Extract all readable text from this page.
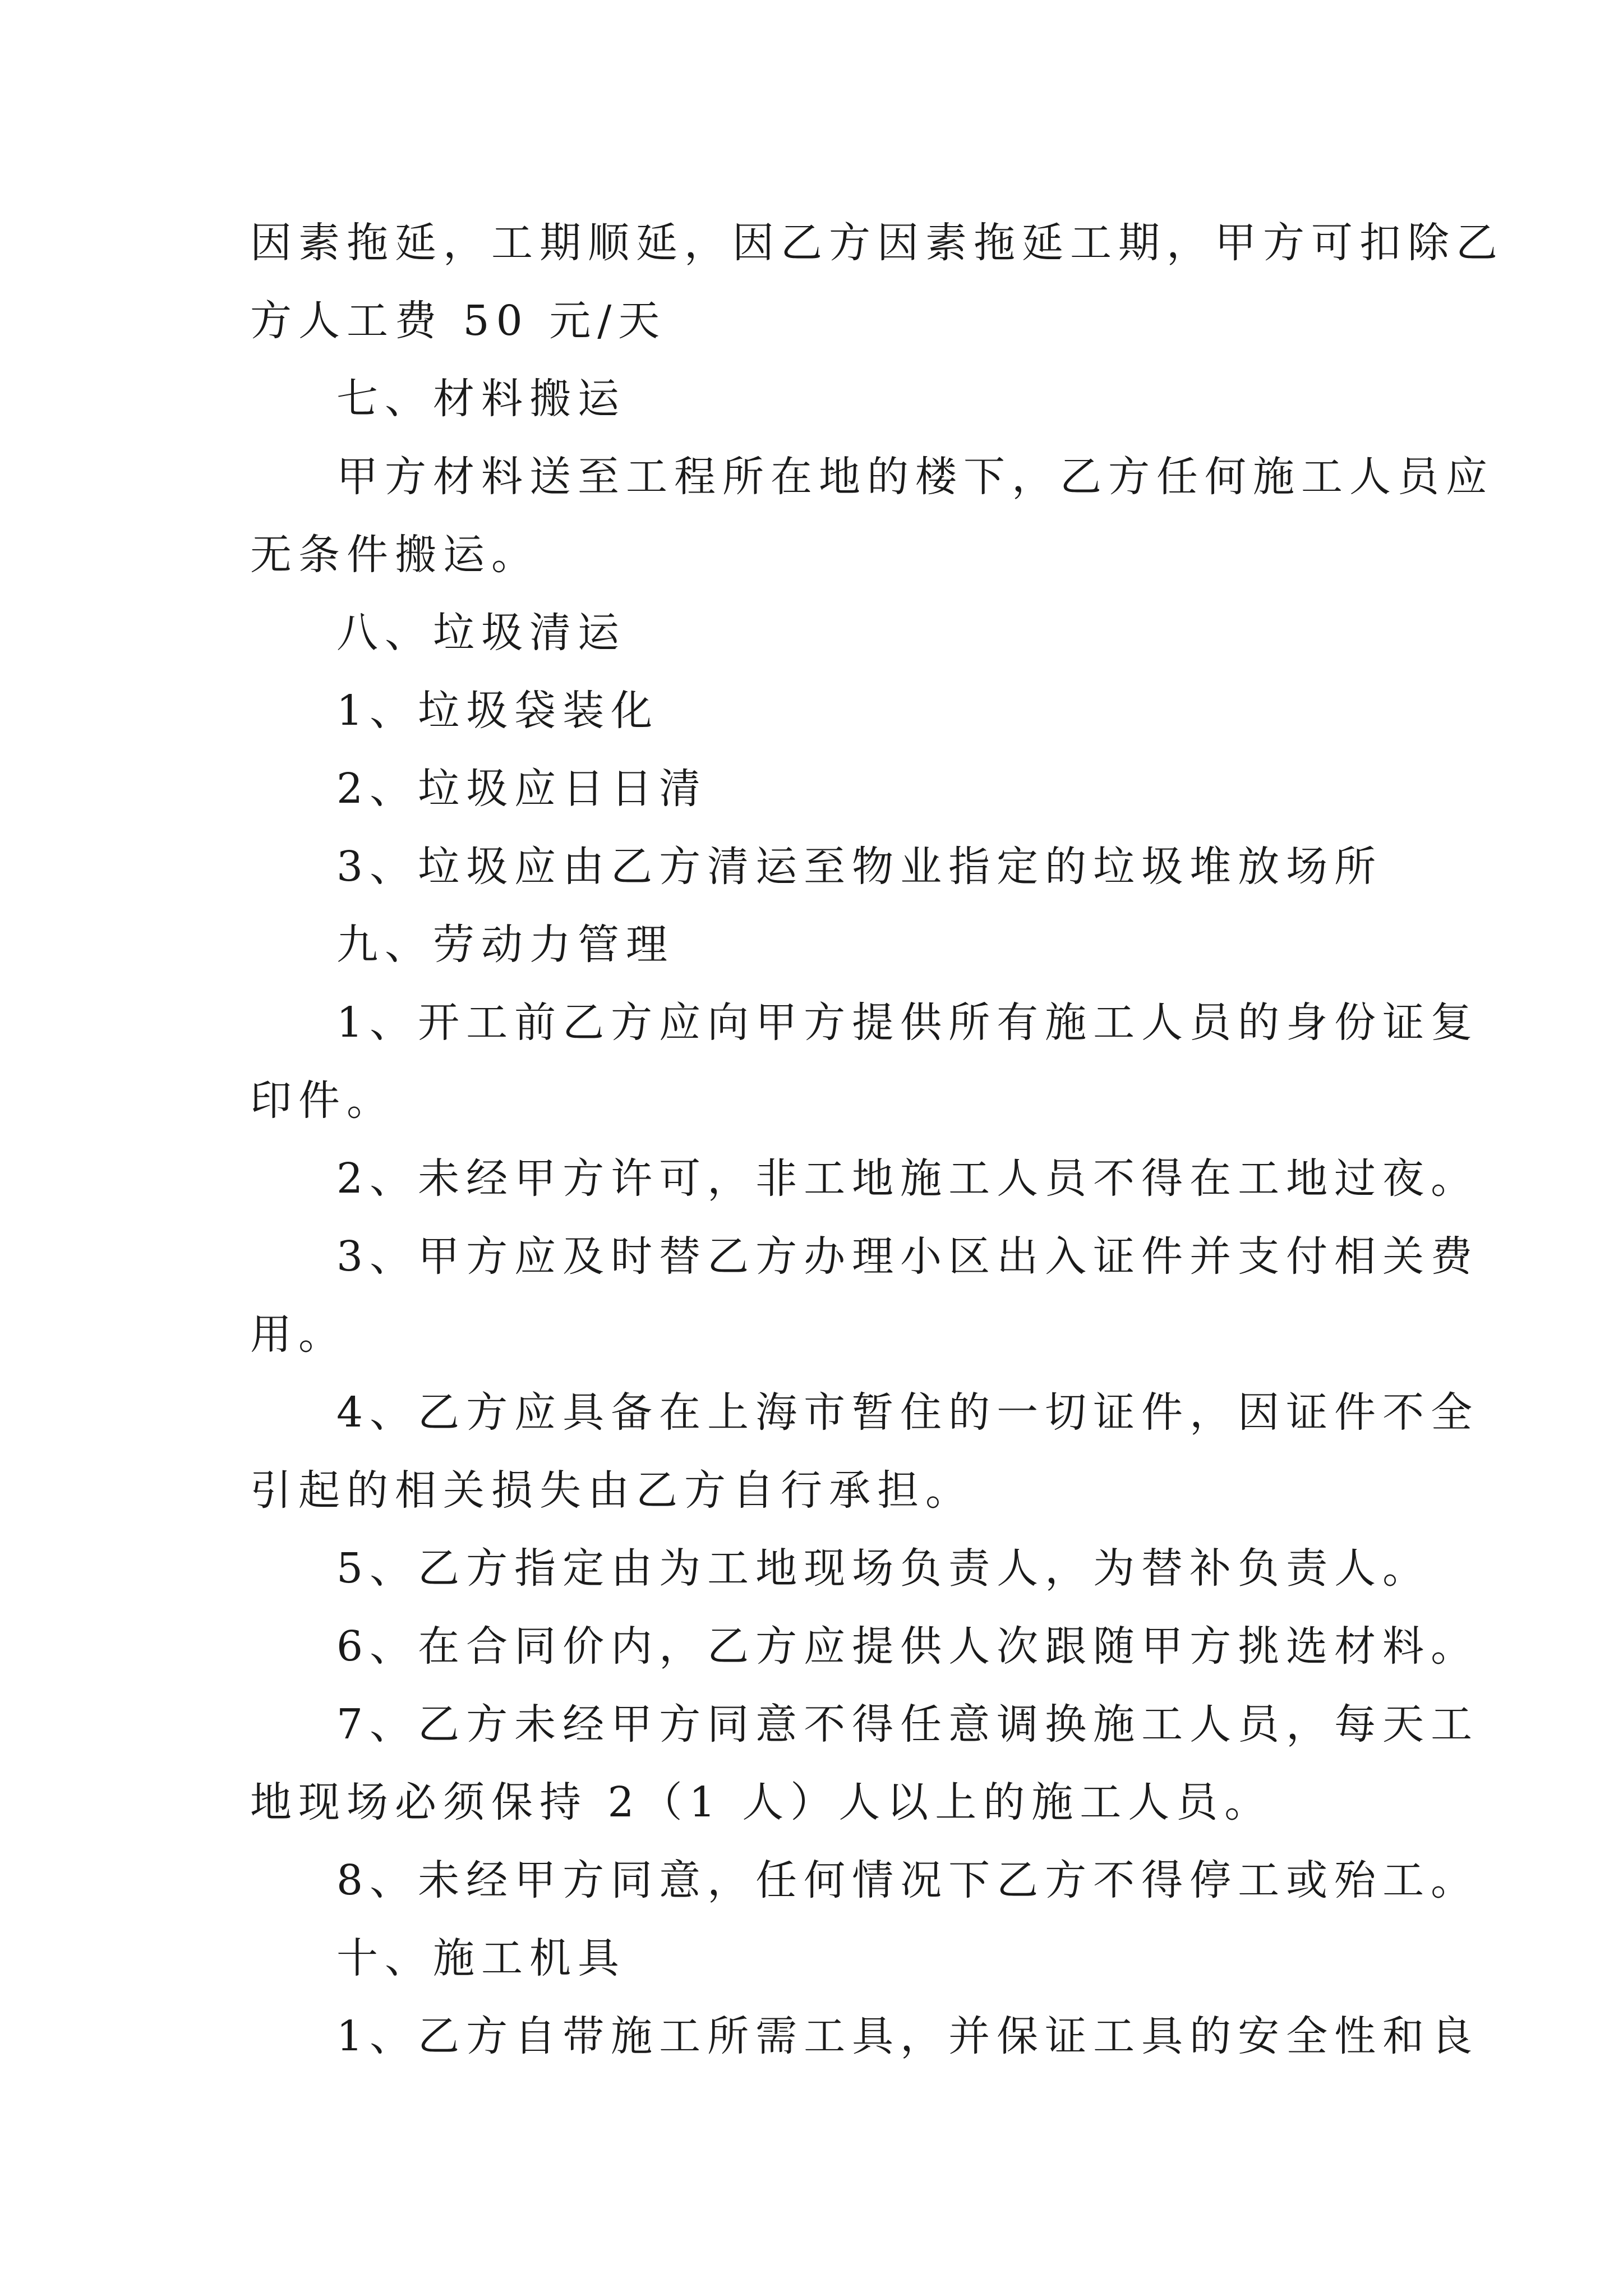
因素拖延，工期顺延，因乙方因素拖延工期，甲方可扣除乙
方人工费 50 元/天
七、材料搬运
甲方材料送至工程所在地的楼下，乙方任何施工人员应
无条件搬运。
八、垃圾清运
1、垃圾袋装化
2、垃圾应日日清
3、垃圾应由乙方清运至物业指定的垃圾堆放场所
九、劳动力管理
1、开工前乙方应向甲方提供所有施工人员的身份证复
印件。
2、未经甲方许可，非工地施工人员不得在工地过夜。
3、甲方应及时替乙方办理小区出入证件并支付相关费
用。
4、乙方应具备在上海市暂住的一切证件，因证件不全
引起的相关损失由乙方自行承担。
5、乙方指定由为工地现场负责人，为替补负责人。
6、在合同价内，乙方应提供人次跟随甲方挑选材料。
7、乙方未经甲方同意不得任意调换施工人员，每天工
地现场必须保持 2（1 人）人以上的施工人员。
8、未经甲方同意，任何情况下乙方不得停工或殆工。
十、施工机具
1、乙方自带施工所需工具，并保证工具的安全性和良
